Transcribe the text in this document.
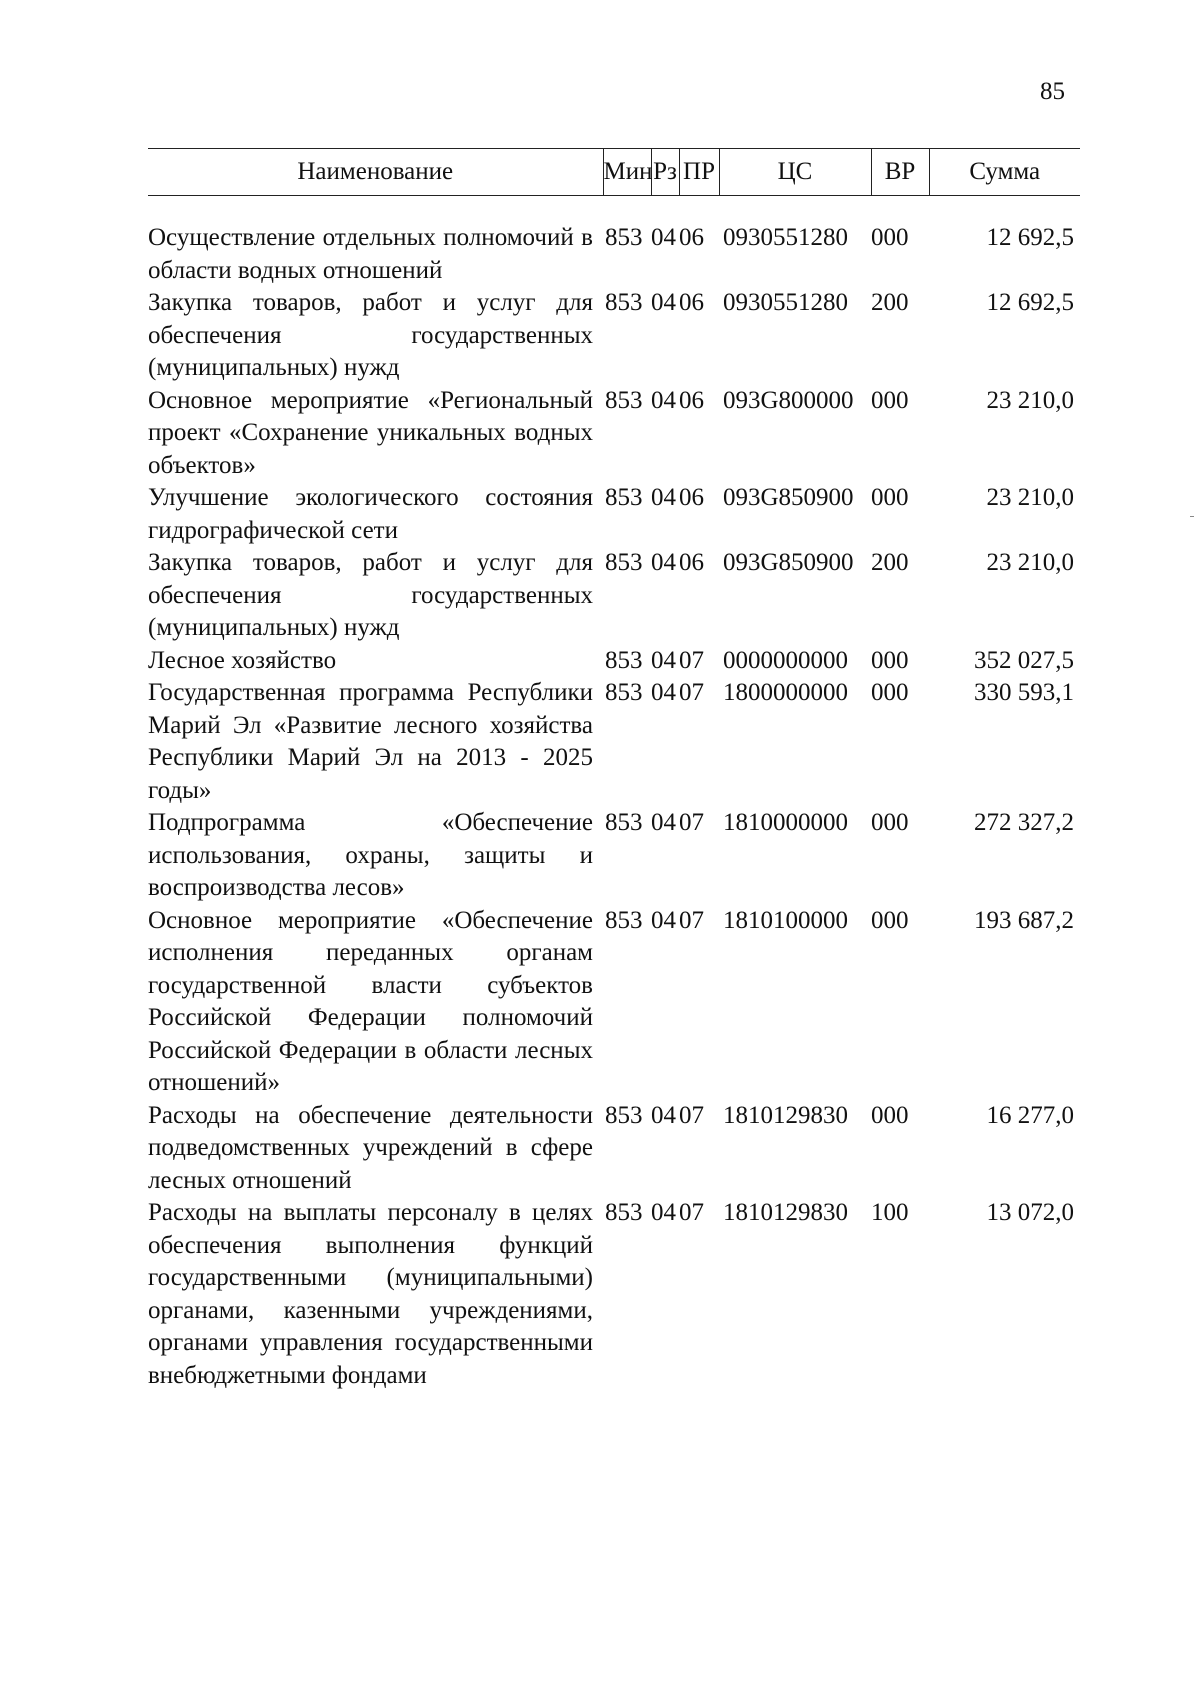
85
Наименование	Мин	Рз	ПР	ЦС	ВР	Сумма

Осуществление отдельных полномочий в области водных отношений	853	04	06	0930551280	000	12 692,5
Закупка товаров, работ и услуг для обеспечения государственных (муниципальных) нужд	853	04	06	0930551280	200	12 692,5
Основное мероприятие «Региональный проект «Сохранение уникальных водных объектов»	853	04	06	093G800000	000	23 210,0
Улучшение экологического состояния гидрографической сети	853	04	06	093G850900	000	23 210,0
Закупка товаров, работ и услуг для обеспечения государственных (муниципальных) нужд	853	04	06	093G850900	200	23 210,0
Лесное хозяйство	853	04	07	0000000000	000	352 027,5
Государственная программа Республики Марий Эл «Развитие лесного хозяйства Республики Марий Эл на 2013 - 2025 годы»	853	04	07	1800000000	000	330 593,1
Подпрограмма «Обеспечение использования, охраны, защиты и воспроизводства лесов»	853	04	07	1810000000	000	272 327,2
Основное мероприятие «Обеспечение исполнения переданных органам государственной власти субъектов Российской Федерации полномочий Российской Федерации в области лесных отношений»	853	04	07	1810100000	000	193 687,2
Расходы на обеспечение деятельности подведомственных учреждений в сфере лесных отношений	853	04	07	1810129830	000	16 277,0
Расходы на выплаты персоналу в целях обеспечения выполнения функций государственными (муниципальными) органами, казенными учреждениями, органами управления государственными внебюджетными фондами	853	04	07	1810129830	100	13 072,0
